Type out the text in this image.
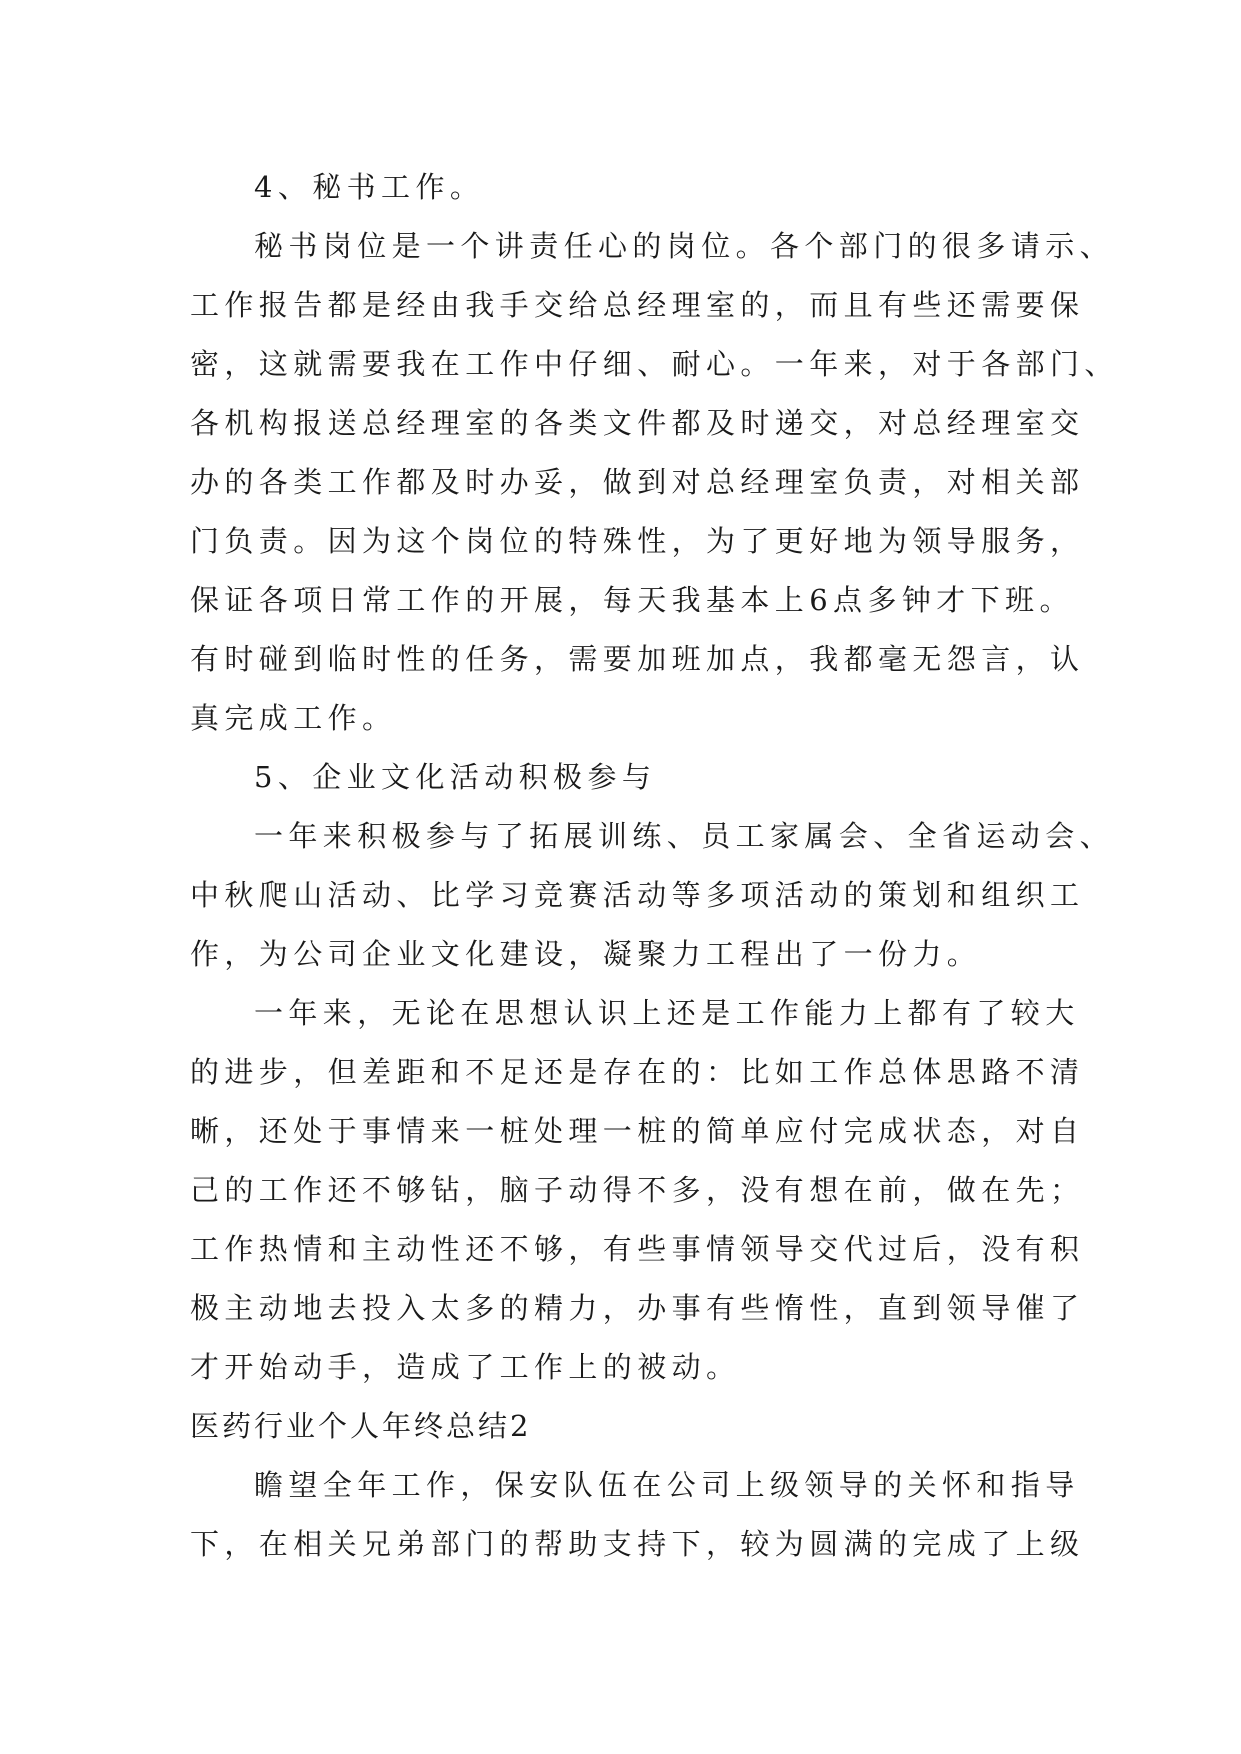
4、秘书工作。
秘书岗位是一个讲责任心的岗位。各个部门的很多请示、
工作报告都是经由我手交给总经理室的，而且有些还需要保
密，这就需要我在工作中仔细、耐心。一年来，对于各部门、
各机构报送总经理室的各类文件都及时递交，对总经理室交
办的各类工作都及时办妥，做到对总经理室负责，对相关部
门负责。因为这个岗位的特殊性，为了更好地为领导服务，
保证各项日常工作的开展，每天我基本上6点多钟才下班。
有时碰到临时性的任务，需要加班加点，我都毫无怨言，认
真完成工作。
5、企业文化活动积极参与
一年来积极参与了拓展训练、员工家属会、全省运动会、
中秋爬山活动、比学习竞赛活动等多项活动的策划和组织工
作，为公司企业文化建设，凝聚力工程出了一份力。
一年来，无论在思想认识上还是工作能力上都有了较大
的进步，但差距和不足还是存在的：比如工作总体思路不清
晰，还处于事情来一桩处理一桩的简单应付完成状态，对自
己的工作还不够钻，脑子动得不多，没有想在前，做在先；
工作热情和主动性还不够，有些事情领导交代过后，没有积
极主动地去投入太多的精力，办事有些惰性，直到领导催了
才开始动手，造成了工作上的被动。
医药行业个人年终总结2
瞻望全年工作，保安队伍在公司上级领导的关怀和指导
下，在相关兄弟部门的帮助支持下，较为圆满的完成了上级
